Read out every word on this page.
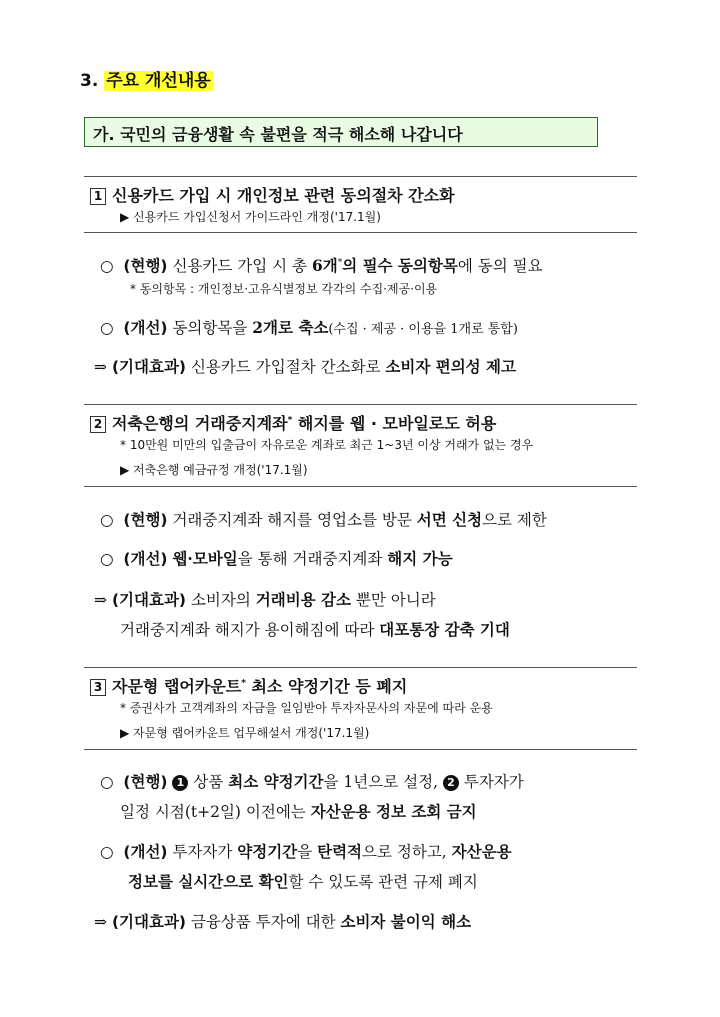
3. 주요 개선내용
가. 국민의 금융생활 속 불편을 적극 해소해 나갑니다
1 신용카드 가입 시 개인정보 관련 동의절차 간소화
▶ 신용카드 가입신청서 가이드라인 개정('17.1월)
○ (현행) 신용카드 가입 시 총 6개*의 필수 동의항목에 동의 필요
* 동의항목 : 개인정보·고유식별정보 각각의 수집·제공·이용
○ (개선) 동의항목을 2개로 축소(수집 · 제공 · 이용을 1개로 통합)
⇒ (기대효과) 신용카드 가입절차 간소화로 소비자 편의성 제고
2 저축은행의 거래중지계좌* 해지를 웹 · 모바일로도 허용
* 10만원 미만의 입출금이 자유로운 계좌로 최근 1~3년 이상 거래가 없는 경우
▶ 저축은행 예금규정 개정('17.1월)
○ (현행) 거래중지계좌 해지를 영업소를 방문 서면 신청으로 제한
○ (개선) 웹·모바일을 통해 거래중지계좌 해지 가능
⇒ (기대효과) 소비자의 거래비용 감소 뿐만 아니라
거래중지계좌 해지가 용이해짐에 따라 대포통장 감축 기대
3 자문형 랩어카운트* 최소 약정기간 등 폐지
* 증권사가 고객계좌의 자금을 일임받아 투자자문사의 자문에 따라 운용
▶ 자문형 랩어카운트 업무해설서 개정('17.1월)
○ (현행) 1 상품 최소 약정기간을 1년으로 설정, 2 투자자가
일정 시점(t+2일) 이전에는 자산운용 정보 조회 금지
○ (개선) 투자자가 약정기간을 탄력적으로 정하고, 자산운용
정보를 실시간으로 확인할 수 있도록 관련 규제 폐지
⇒ (기대효과) 금융상품 투자에 대한 소비자 불이익 해소
